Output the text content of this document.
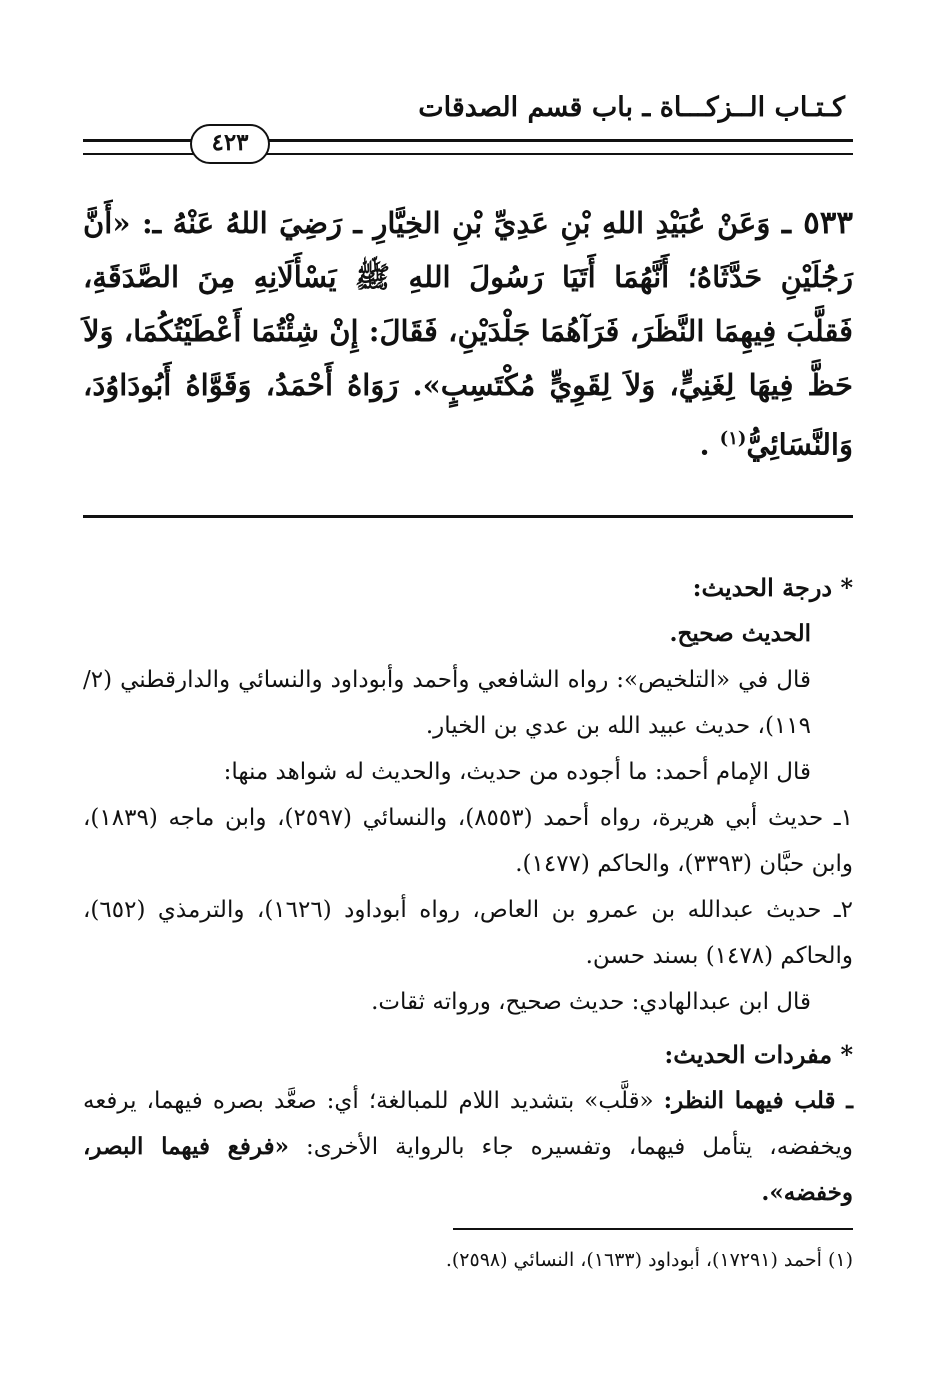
كـتـاب الــزكـــاة ـ باب قسم الصدقات
٤٢٣
٥٣٣ ـ وَعَنْ عُبَيْدِ اللهِ بْنِ عَدِيِّ بْنِ الخِيَّارِ ـ رَضِيَ اللهُ عَنْهُ ـ: «أَنَّ رَجُلَيْنِ حَدَّثَاهُ؛ أَنَّهُمَا أَتَيَا رَسُولَ اللهِ ﷺ يَسْأَلَانِهِ مِنَ الصَّدَقَةِ، فَقلَّبَ فِيهِمَا النَّظَرَ، فَرَآهُمَا جَلْدَيْنِ، فَقَالَ: إِنْ شِئْتُمَا أَعْطَيْتُكُمَا، وَلاَ حَظَّ فِيهَا لِغَنِيٍّ، وَلاَ لِقَوِيٍّ مُكْتَسِبٍ». رَوَاهُ أَحْمَدُ، وَقَوَّاهُ أَبُودَاوُدَ، وَالنَّسَائِيُّ$^{(١)}$ .
* درجة الحديث:
الحديث صحيح.
قال في «التلخيص»: رواه الشافعي وأحمد وأبوداود والنسائي والدارقطني (٢/ ١١٩)، حديث عبيد الله بن عدي بن الخيار.
قال الإمام أحمد: ما أجوده من حديث، والحديث له شواهد منها:
١ـ حديث أبي هريرة، رواه أحمد (٨٥٥٣)، والنسائي (٢٥٩٧)، وابن ماجه (١٨٣٩)، وابن حبَّان (٣٣٩٣)، والحاكم (١٤٧٧).
٢ـ حديث عبدالله بن عمرو بن العاص، رواه أبوداود (١٦٢٦)، والترمذي (٦٥٢)، والحاكم (١٤٧٨) بسند حسن.
قال ابن عبدالهادي: حديث صحيح، ورواته ثقات.
* مفردات الحديث:
ـ قلب فيهما النظر: «قلَّب» بتشديد اللام للمبالغة؛ أي: صعَّد بصره فيهما، يرفعه ويخفضه، يتأمل فيهما، وتفسيره جاء بالرواية الأخرى: «فرفع فيهما البصر، وخفضه».
(١) أحمد (١٧٢٩١)، أبوداود (١٦٣٣)، النسائي (٢٥٩٨).
